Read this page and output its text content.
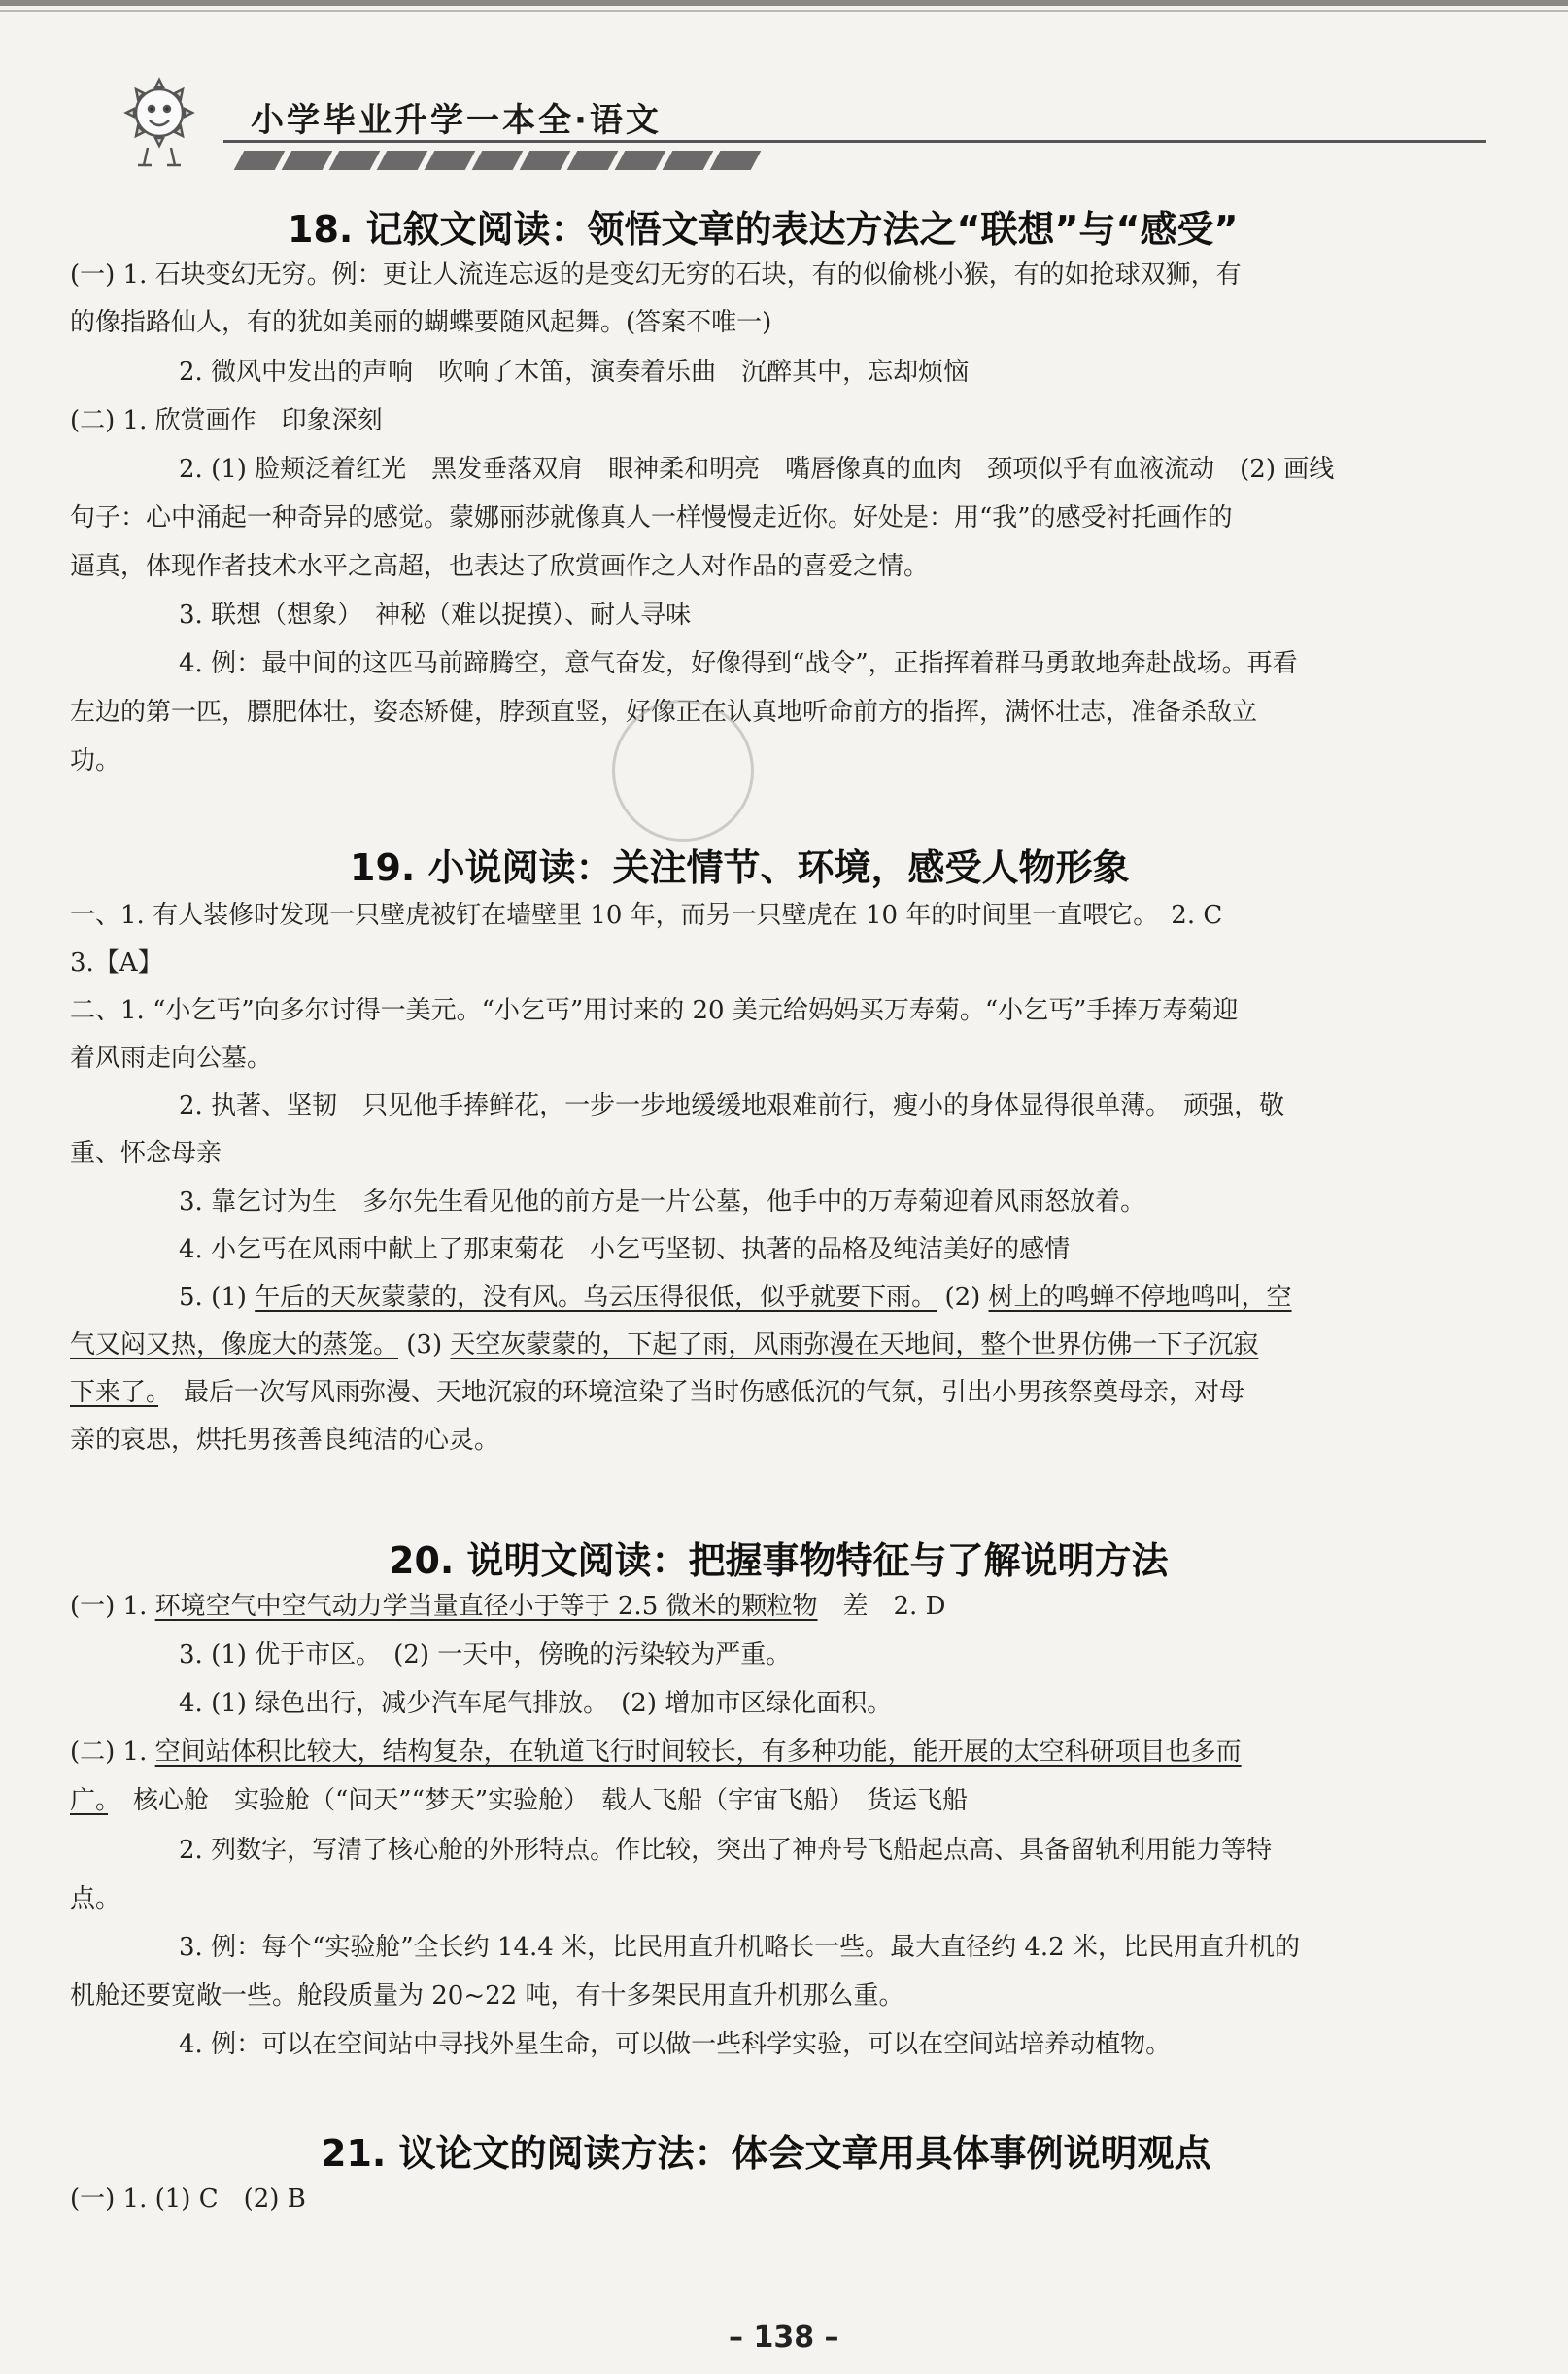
小学毕业升学一本全·语文
18. 记叙文阅读：领悟文章的表达方法之“联想”与“感受”
(一) 1. 石块变幻无穷。例：更让人流连忘返的是变幻无穷的石块，有的似偷桃小猴，有的如抢球双狮，有
的像指路仙人，有的犹如美丽的蝴蝶要随风起舞。(答案不唯一)
2. 微风中发出的声响　吹响了木笛，演奏着乐曲　沉醉其中，忘却烦恼
(二) 1. 欣赏画作　印象深刻
2. (1) 脸颊泛着红光　黑发垂落双肩　眼神柔和明亮　嘴唇像真的血肉　颈项似乎有血液流动　(2) 画线
句子：心中涌起一种奇异的感觉。蒙娜丽莎就像真人一样慢慢走近你。好处是：用“我”的感受衬托画作的
逼真，体现作者技术水平之高超，也表达了欣赏画作之人对作品的喜爱之情。
3. 联想（想象）　神秘（难以捉摸）、耐人寻味
4. 例：最中间的这匹马前蹄腾空，意气奋发，好像得到“战令”，正指挥着群马勇敢地奔赴战场。再看
左边的第一匹，膘肥体壮，姿态矫健，脖颈直竖，好像正在认真地听命前方的指挥，满怀壮志，准备杀敌立
功。
19. 小说阅读：关注情节、环境，感受人物形象
一、1. 有人装修时发现一只壁虎被钉在墙壁里 10 年，而另一只壁虎在 10 年的时间里一直喂它。　2. C
3.【A】
二、1. “小乞丐”向多尔讨得一美元。“小乞丐”用讨来的 20 美元给妈妈买万寿菊。“小乞丐”手捧万寿菊迎
着风雨走向公墓。
2. 执著、坚韧　只见他手捧鲜花，一步一步地缓缓地艰难前行，瘦小的身体显得很单薄。　顽强，敬
重、怀念母亲
3. 靠乞讨为生　多尔先生看见他的前方是一片公墓，他手中的万寿菊迎着风雨怒放着。
4. 小乞丐在风雨中献上了那束菊花　小乞丐坚韧、执著的品格及纯洁美好的感情
5. (1) 午后的天灰蒙蒙的，没有风。乌云压得很低，似乎就要下雨。 (2) 树上的鸣蝉不停地鸣叫，空
气又闷又热，像庞大的蒸笼。 (3) 天空灰蒙蒙的，下起了雨，风雨弥漫在天地间，整个世界仿佛一下子沉寂
下来了。　最后一次写风雨弥漫、天地沉寂的环境渲染了当时伤感低沉的气氛，引出小男孩祭奠母亲，对母
亲的哀思，烘托男孩善良纯洁的心灵。
20. 说明文阅读：把握事物特征与了解说明方法
(一) 1. 环境空气中空气动力学当量直径小于等于 2.5 微米的颗粒物　差　2. D
3. (1) 优于市区。　(2) 一天中，傍晚的污染较为严重。
4. (1) 绿色出行，减少汽车尾气排放。　(2) 增加市区绿化面积。
(二) 1. 空间站体积比较大，结构复杂，在轨道飞行时间较长，有多种功能，能开展的太空科研项目也多而
广。　核心舱　实验舱（“问天”“梦天”实验舱）　载人飞船（宇宙飞船）　货运飞船
2. 列数字，写清了核心舱的外形特点。作比较，突出了神舟号飞船起点高、具备留轨利用能力等特
点。
3. 例：每个“实验舱”全长约 14.4 米，比民用直升机略长一些。最大直径约 4.2 米，比民用直升机的
机舱还要宽敞一些。舱段质量为 20~22 吨，有十多架民用直升机那么重。
4. 例：可以在空间站中寻找外星生命，可以做一些科学实验，可以在空间站培养动植物。
21. 议论文的阅读方法：体会文章用具体事例说明观点
(一) 1. (1) C　(2) B
– 138 –
